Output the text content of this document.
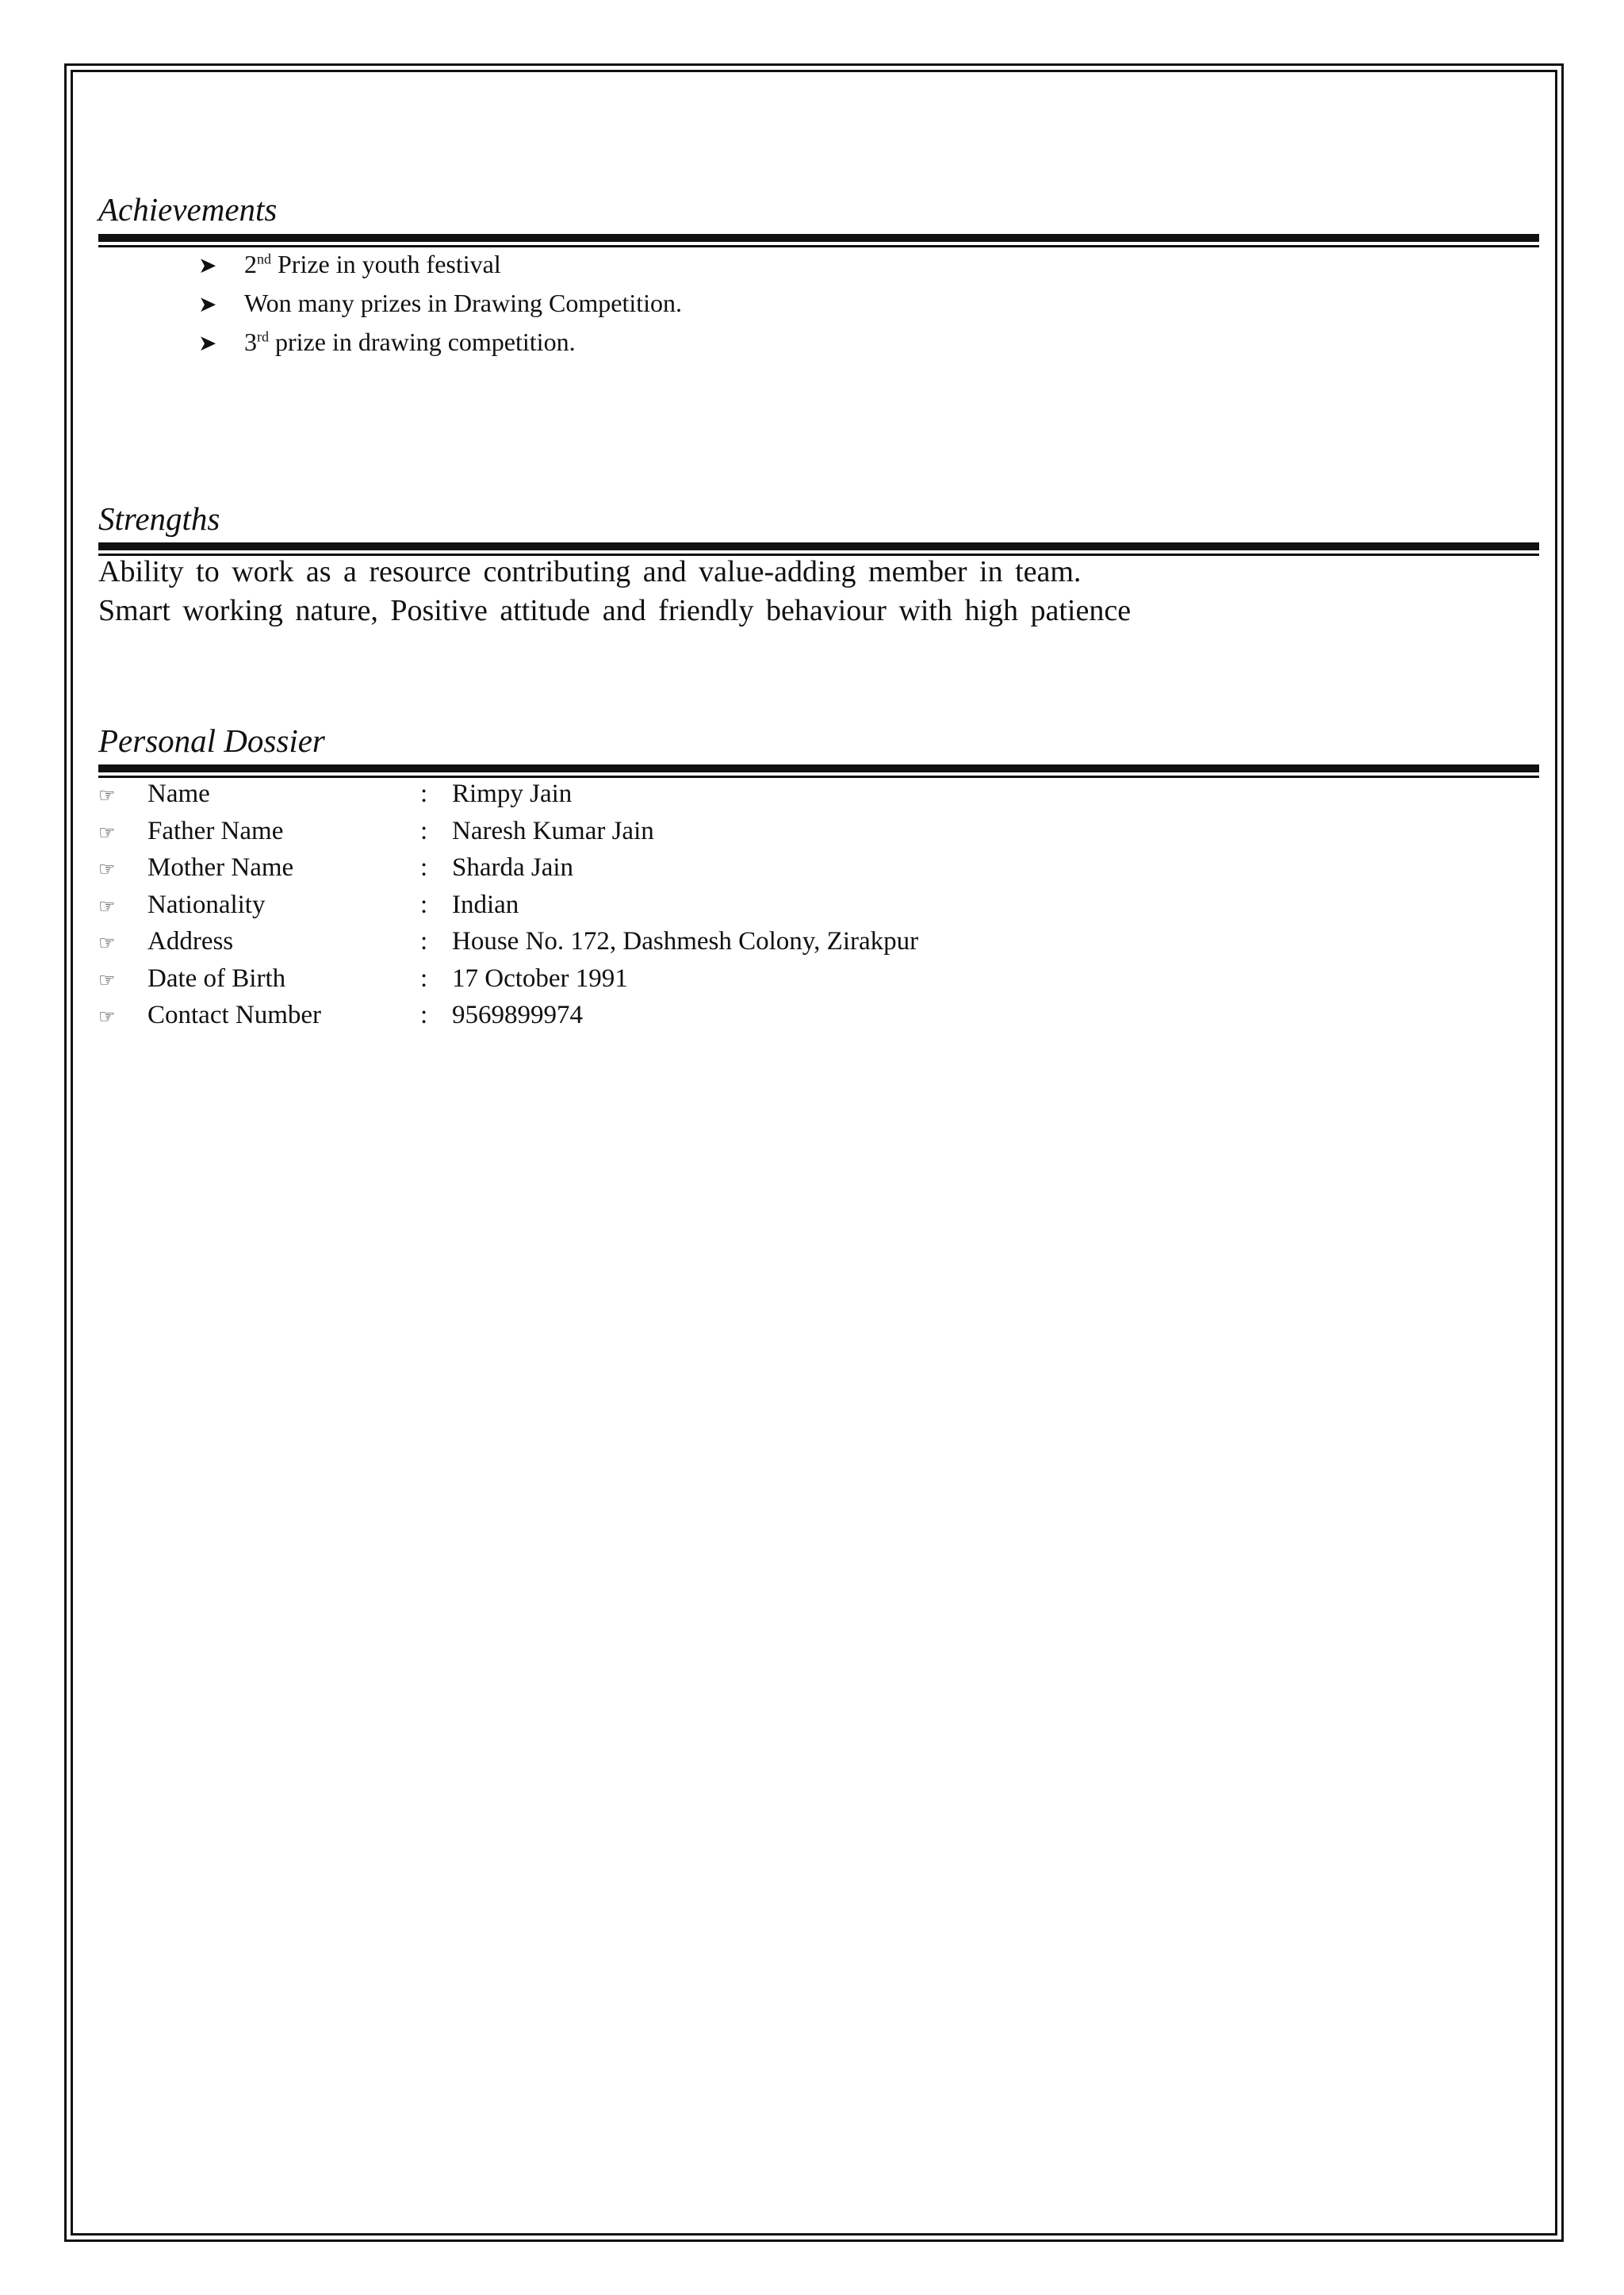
Achievements
➤	2nd Prize in youth festival
➤	Won many prizes in Drawing Competition.
➤	3rd prize in drawing competition.
Strengths
Ability to work as a resource contributing and value-adding member in team.
Smart working nature, Positive attitude and friendly behaviour with high patience
Personal Dossier
☞	Name	: Rimpy Jain
☞	Father Name	: Naresh Kumar Jain
☞	Mother Name	: Sharda Jain
☞	Nationality	: Indian
☞	Address	: House No. 172, Dashmesh Colony, Zirakpur
☞	Date of Birth	: 17 October 1991
☞	Contact Number	: 9569899974
